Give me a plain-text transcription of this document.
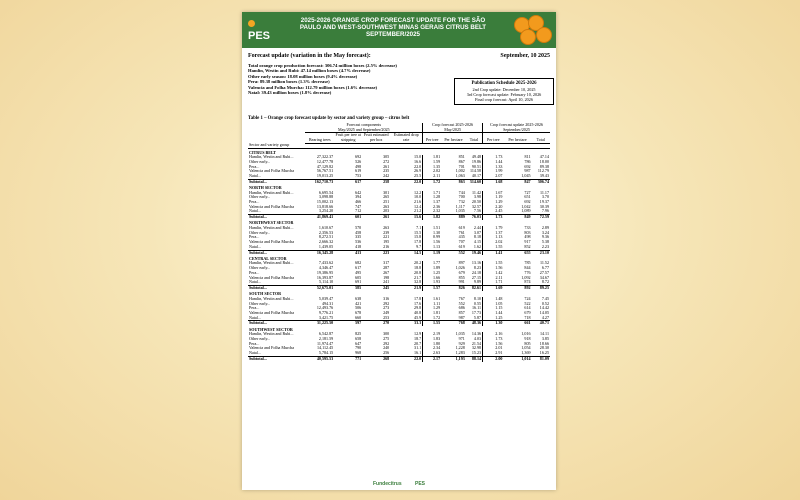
PES
2025-2026 ORANGE CROP FORECAST UPDATE FOR THE SÃO
PAULO AND WEST-SOUTHWEST MINAS GERAIS CITRUS BELT
SEPTEMBER/2025
Forecast update (variation in the May forecast):	September, 10 2025
Total orange crop production forecast: 306.74 million boxes (2.5% decrease)
Hamlin, Westin and Rubi: 47.14 million boxes (4.7% decrease)
Other early season: 18.08 million boxes (9.4% decrease)
Pera: 89.38 million boxes (1.3% decrease)
Valencia and Folha Murcha: 112.79 million boxes (1.6% decrease)
Natal: 39.43 million boxes (1.8% decrease)
Publication Schedule 2025-2026
2nd Crop update: December 10, 2025
3rd Crop forecast update: February 10, 2026
Final crop forecast: April 10, 2026
Table 1 – Orange crop forecast update by sector and variety group – citrus belt
	Forecast components
May/2025 and September/2025				Crop forecast 2025-2026
May/2025			Crop forecast update 2025-2026
September/2025		
	Bearing trees	Fruit per tree at stripping	Fruit estimated per box	Estimated drop rate	Per tree	Per hectare	Total	Per tree	Per hectare	Total
Sector and variety group										
CITRUS BELT										
Hamlin, Westin and Rubi...	27,322.37	692	305	15.0	1.81	851	49.48	1.73	811	47.14
Other early...	12,477.78	526	272	16.6	1.59	867	19.86	1.44	786	18.00
Pera...	47,129.82	498	261	22.0	1.35	701	90.51	1.33	692	89.38
Valencia and Folha Murcha	56,767.51	619	235	26.9	2.02	1,002	114.58	1.99	987	112.79
Natal...	19,013.25	753	242	25.5	2.11	1,063	40.17	2.07	1,045	39.43
Subtotal...	162,710.73	617	258	22.0	1.72	863	314.60	1.68	847	306.74
NORTH SECTOR										
Hamlin, Westin and Rubi...	6,695.54	642	301	12.2	1.71	744	11.42	1.67	727	11.17
Other early...	3,098.88	394	265	10.0	1.28	700	3.98	1.19	651	3.70
Pera...	15,002.13	466	251	21.6	1.37	732	20.50	1.29	692	19.37
Valencia and Folha Murcha	13,818.66	747	263	12.4	2.36	1,117	32.57	2.20	1,042	30.39
Natal...	3,254.20	712	203	21.2	2.32	1,035	7.56	2.45	1,089	7.96
Subtotal...	41,869.41	601	261	15.6	1.82	889	76.03	1.73	849	72.59
NORTHWEST SECTOR										
Hamlin, Westin and Rubi...	1,610.67	570	263	7.1	1.51	619	2.44	1.79	733	2.89
Other early...	2,356.53	458	239	15.5	1.30	761	3.07	1.37	803	3.24
Pera...	8,272.51	335	221	15.8	0.99	435	8.18	1.13	498	9.36
Valencia and Folha Murcha	2,666.32	536	195	17.8	1.56	707	4.15	2.02	917	5.38
Natal...	1,439.05	418	216	9.7	1.13	619	1.62	1.55	852	2.23
Subtotal...	16,345.28	413	223	14.5	1.19	552	19.46	1.41	655	23.10
CENTRAL SECTOR										
Hamlin, Westin and Rubi...	7,433.62	682	317	20.2	1.77	897	13.16	1.55	785	11.52
Other early...	4,346.47	617	287	18.8	1.89	1,026	8.23	1.56	844	6.77
Pera...	19,386.95	495	267	20.8	1.25	679	24.18	1.42	776	27.57
Valencia and Folha Murcha	16,393.87	605	198	21.7	1.66	855	27.15	2.11	1,092	34.67
Natal...	5,114.10	691	241	32.8	1.93	991	9.89	1.71	874	8.72
Subtotal...	52,675.01	585	245	21.9	1.57	826	82.61	1.69	892	89.25
SOUTH SECTOR										
Hamlin, Westin and Rubi...	5,039.47	638	316	17.8	1.61	767	8.10	1.48	724	7.45
Other early...	494.31	421	292	17.6	1.11	552	0.55	1.05	522	0.52
Pera...	12,493.76	506	273	29.8	1.29	686	16.11	1.15	614	14.42
Valencia and Folha Murcha	9,776.21	678	249	40.8	1.81	857	17.73	1.44	679	14.05
Natal...	3,421.75	660	253	45.9	1.72	987	5.87	1.25	718	4.27
Subtotal...	31,225.50	597	270	33.3	1.55	768	48.36	1.30	661	40.71
SOUTHWEST SECTOR										
Hamlin, Westin and Rubi...	6,542.87	825	300	12.9	2.19	1,035	14.36	2.16	1,016	14.11
Other early...	2,181.59	658	275	18.7	1.83	971	4.03	1.73	918	3.85
Pera...	11,974.47	647	292	20.7	1.80	929	21.54	1.56	805	18.66
Valencia and Folha Murcha	14,112.45	790	240	31.1	2.34	1,228	32.98	2.01	1,054	28.30
Natal...	5,784.15	968	256	16.1	2.63	1,283	15.23	2.91	1,369	16.25
Subtotal...	40,595.53	771	268	22.0	2.17	1,193	88.14	2.00	1,014	81.09
Fundecitrus	PES
